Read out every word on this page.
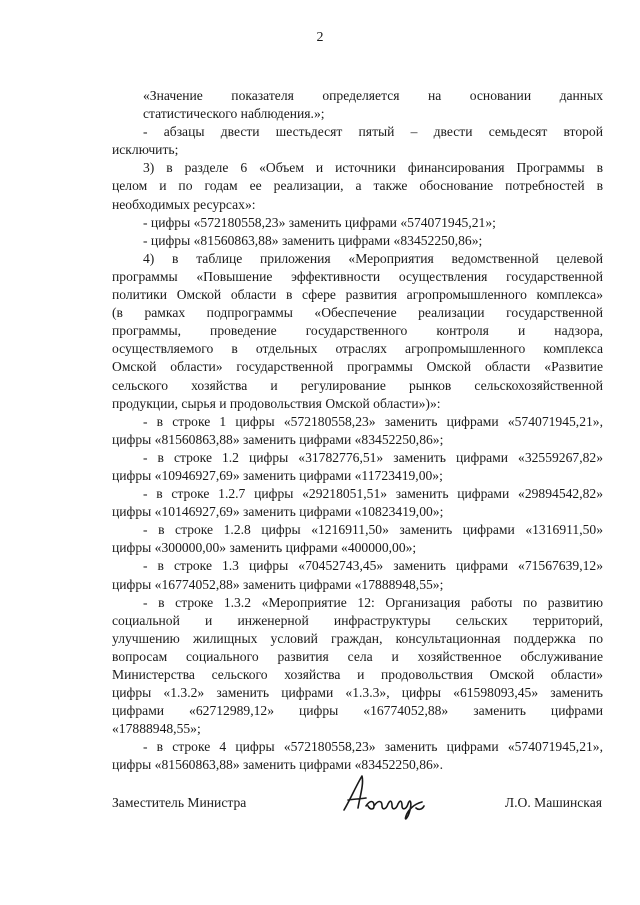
2
«Значение показателя определяется на основании данных
статистического наблюдения.»;
- абзацы двести шестьдесят пятый – двести семьдесят второй
исключить;
3) в разделе 6 «Объем и источники финансирования Программы в
целом и по годам ее реализации, а также обоснование потребностей в
необходимых ресурсах»:
- цифры «572180558,23» заменить цифрами «574071945,21»;
- цифры «81560863,88» заменить цифрами «83452250,86»;
4) в таблице приложения «Мероприятия ведомственной целевой
программы «Повышение эффективности осуществления государственной
политики Омской области в сфере развития агропромышленного комплекса»
(в рамках подпрограммы «Обеспечение реализации государственной
программы, проведение государственного контроля и надзора,
осуществляемого в отдельных отраслях агропромышленного комплекса
Омской области» государственной программы Омской области «Развитие
сельского хозяйства и регулирование рынков сельскохозяйственной
продукции, сырья и продовольствия Омской области»)»:
- в строке 1 цифры «572180558,23» заменить цифрами «574071945,21»,
цифры «81560863,88» заменить цифрами «83452250,86»;
- в строке 1.2 цифры «31782776,51» заменить цифрами «32559267,82»
цифры «10946927,69» заменить цифрами «11723419,00»;
- в строке 1.2.7 цифры «29218051,51» заменить цифрами «29894542,82»
цифры «10146927,69» заменить цифрами «10823419,00»;
- в строке 1.2.8 цифры «1216911,50» заменить цифрами «1316911,50»
цифры «300000,00» заменить цифрами «400000,00»;
- в строке 1.3 цифры «70452743,45» заменить цифрами «71567639,12»
цифры «16774052,88» заменить цифрами «17888948,55»;
- в строке 1.3.2 «Мероприятие 12: Организация работы по развитию
социальной и инженерной инфраструктуры сельских территорий,
улучшению жилищных условий граждан, консультационная поддержка по
вопросам социального развития села и хозяйственное обслуживание
Министерства сельского хозяйства и продовольствия Омской области»
цифры «1.3.2» заменить цифрами «1.3.3», цифры «61598093,45» заменить
цифрами «62712989,12» цифры «16774052,88» заменить цифрами
«17888948,55»;
- в строке 4 цифры «572180558,23» заменить цифрами «574071945,21»,
цифры «81560863,88» заменить цифрами «83452250,86».
Заместитель Министра	Л.О. Машинская
